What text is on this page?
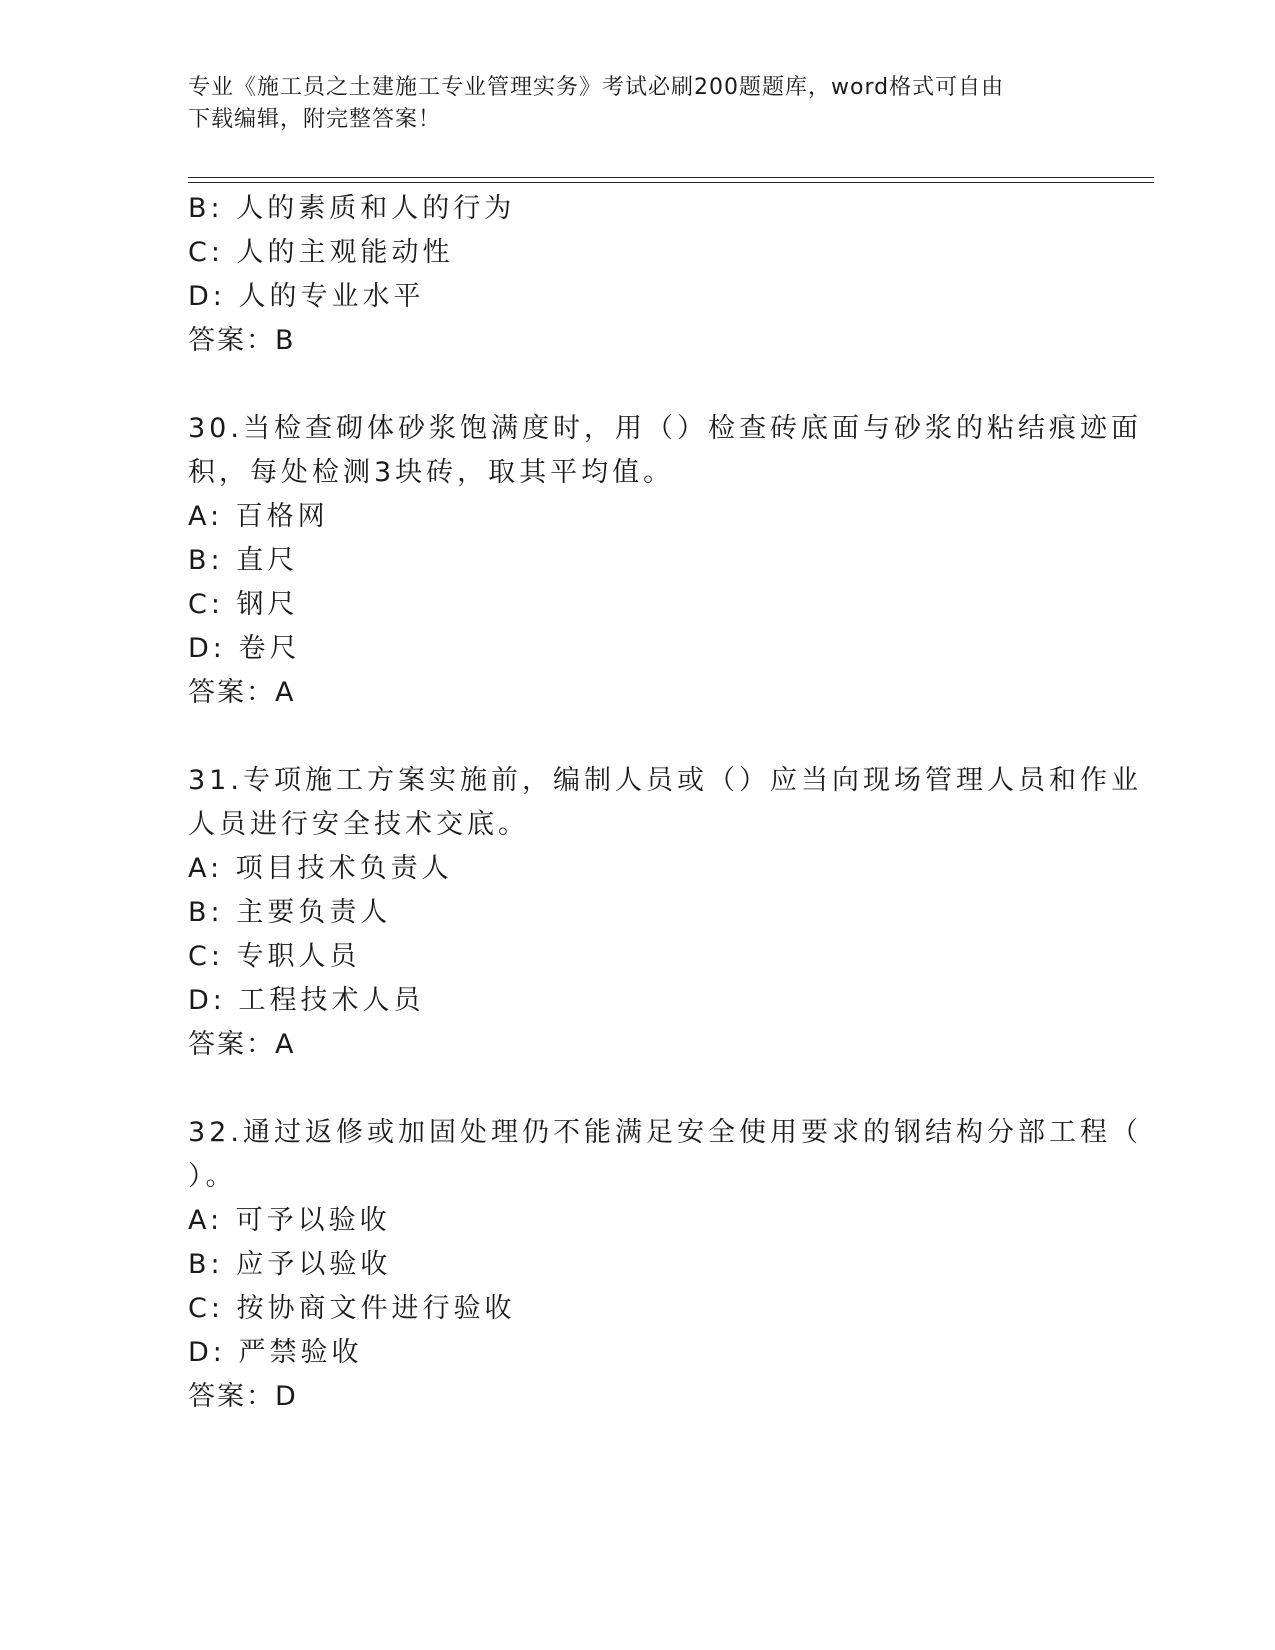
专业《施工员之土建施工专业管理实务》考试必刷200题题库，word格式可自由
下载编辑，附完整答案！
B: 人的素质和人的行为
C: 人的主观能动性
D: 人的专业水平
答案：B
30.当检查砌体砂浆饱满度时，用（）检查砖底面与砂浆的粘结痕迹面
积，每处检测3块砖，取其平均值。
A: 百格网
B: 直尺
C: 钢尺
D: 卷尺
答案：A
31.专项施工方案实施前，编制人员或（）应当向现场管理人员和作业
人员进行安全技术交底。
A: 项目技术负责人
B: 主要负责人
C: 专职人员
D: 工程技术人员
答案：A
32.通过返修或加固处理仍不能满足安全使用要求的钢结构分部工程（
）。
A: 可予以验收
B: 应予以验收
C: 按协商文件进行验收
D: 严禁验收
答案：D
